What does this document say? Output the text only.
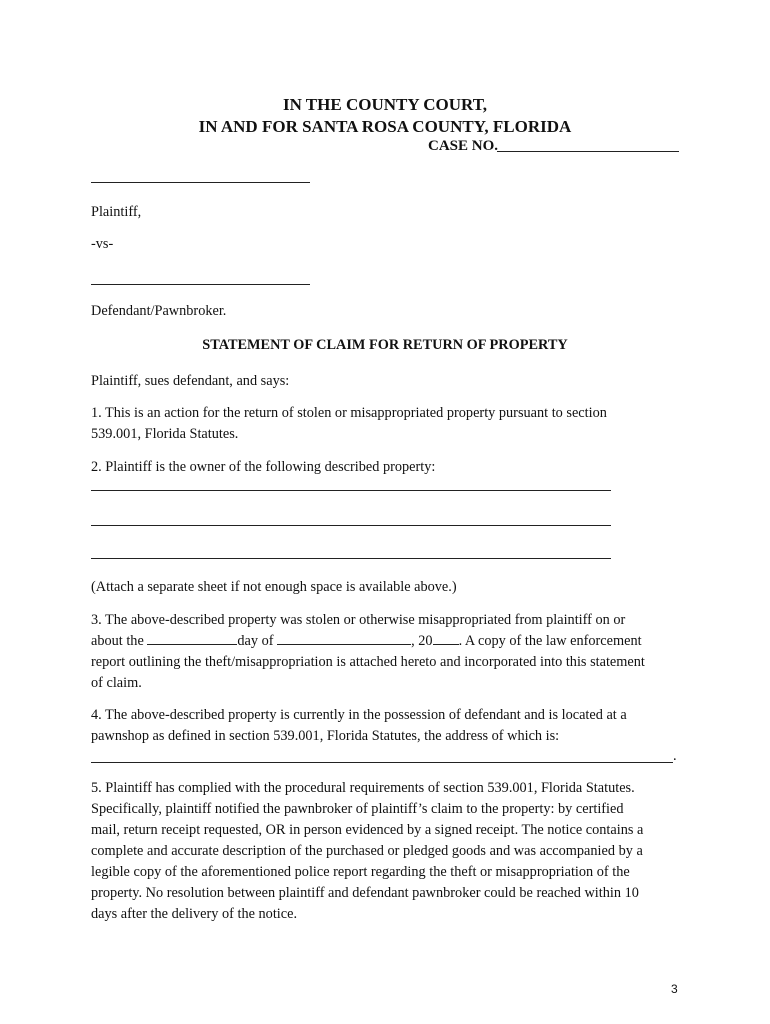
IN THE COUNTY COURT,
IN AND FOR SANTA ROSA COUNTY, FLORIDA
CASE NO.
Plaintiff,
-vs-
Defendant/Pawnbroker.
STATEMENT OF CLAIM FOR RETURN OF PROPERTY
Plaintiff, sues defendant, and says:
1. This is an action for the return of stolen or misappropriated property pursuant to section
539.001, Florida Statutes.
2. Plaintiff is the owner of the following described property:
(Attach a separate sheet if not enough space is available above.)
3. The above-described property was stolen or otherwise misappropriated from plaintiff on or
about the	day of	, 20 . A copy of the law enforcement
report outlining the theft/misappropriation is attached hereto and incorporated into this statement
of claim.
4. The above-described property is currently in the possession of defendant and is located at a
pawnshop as defined in section 539.001, Florida Statutes, the address of which is:
.
5. Plaintiff has complied with the procedural requirements of section 539.001, Florida Statutes.
Specifically, plaintiff notified the pawnbroker of plaintiff’s claim to the property: by certified
mail, return receipt requested, OR in person evidenced by a signed receipt. The notice contains a
complete and accurate description of the purchased or pledged goods and was accompanied by a
legible copy of the aforementioned police report regarding the theft or misappropriation of the
property. No resolution between plaintiff and defendant pawnbroker could be reached within 10
days after the delivery of the notice.
3
